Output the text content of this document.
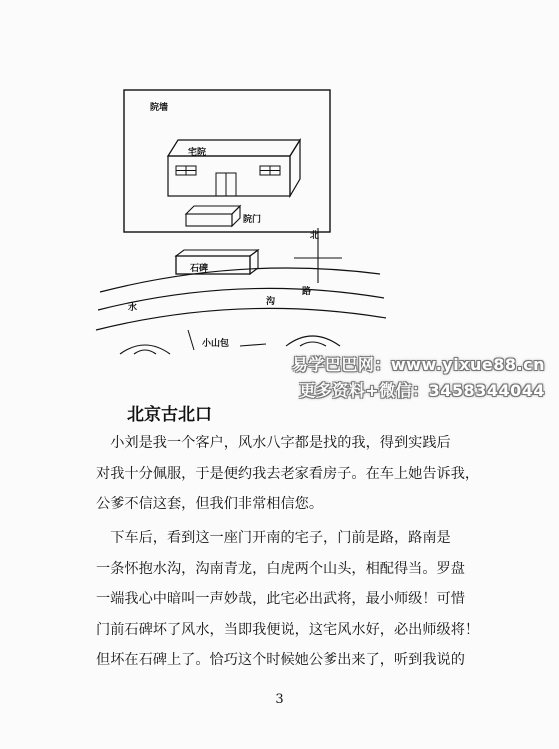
院墙
宅院
院门
石碑
北
路
水
沟
小山包
易学巴巴网：www.yixue88.cn
更多资料+微信：3458344044
北京古北口
　小刘是我一个客户，风水八字都是找的我，得到实践后
对我十分佩服，于是便约我去老家看房子。在车上她告诉我，
公爹不信这套，但我们非常相信您。
　下车后，看到这一座门开南的宅子，门前是路，路南是
一条怀抱水沟，沟南青龙，白虎两个山头，相配得当。罗盘
一端我心中暗叫一声妙哉，此宅必出武将，最小师级！可惜
门前石碑坏了风水，当即我便说，这宅风水好，必出师级将！
但坏在石碑上了。恰巧这个时候她公爹出来了，听到我说的
3
